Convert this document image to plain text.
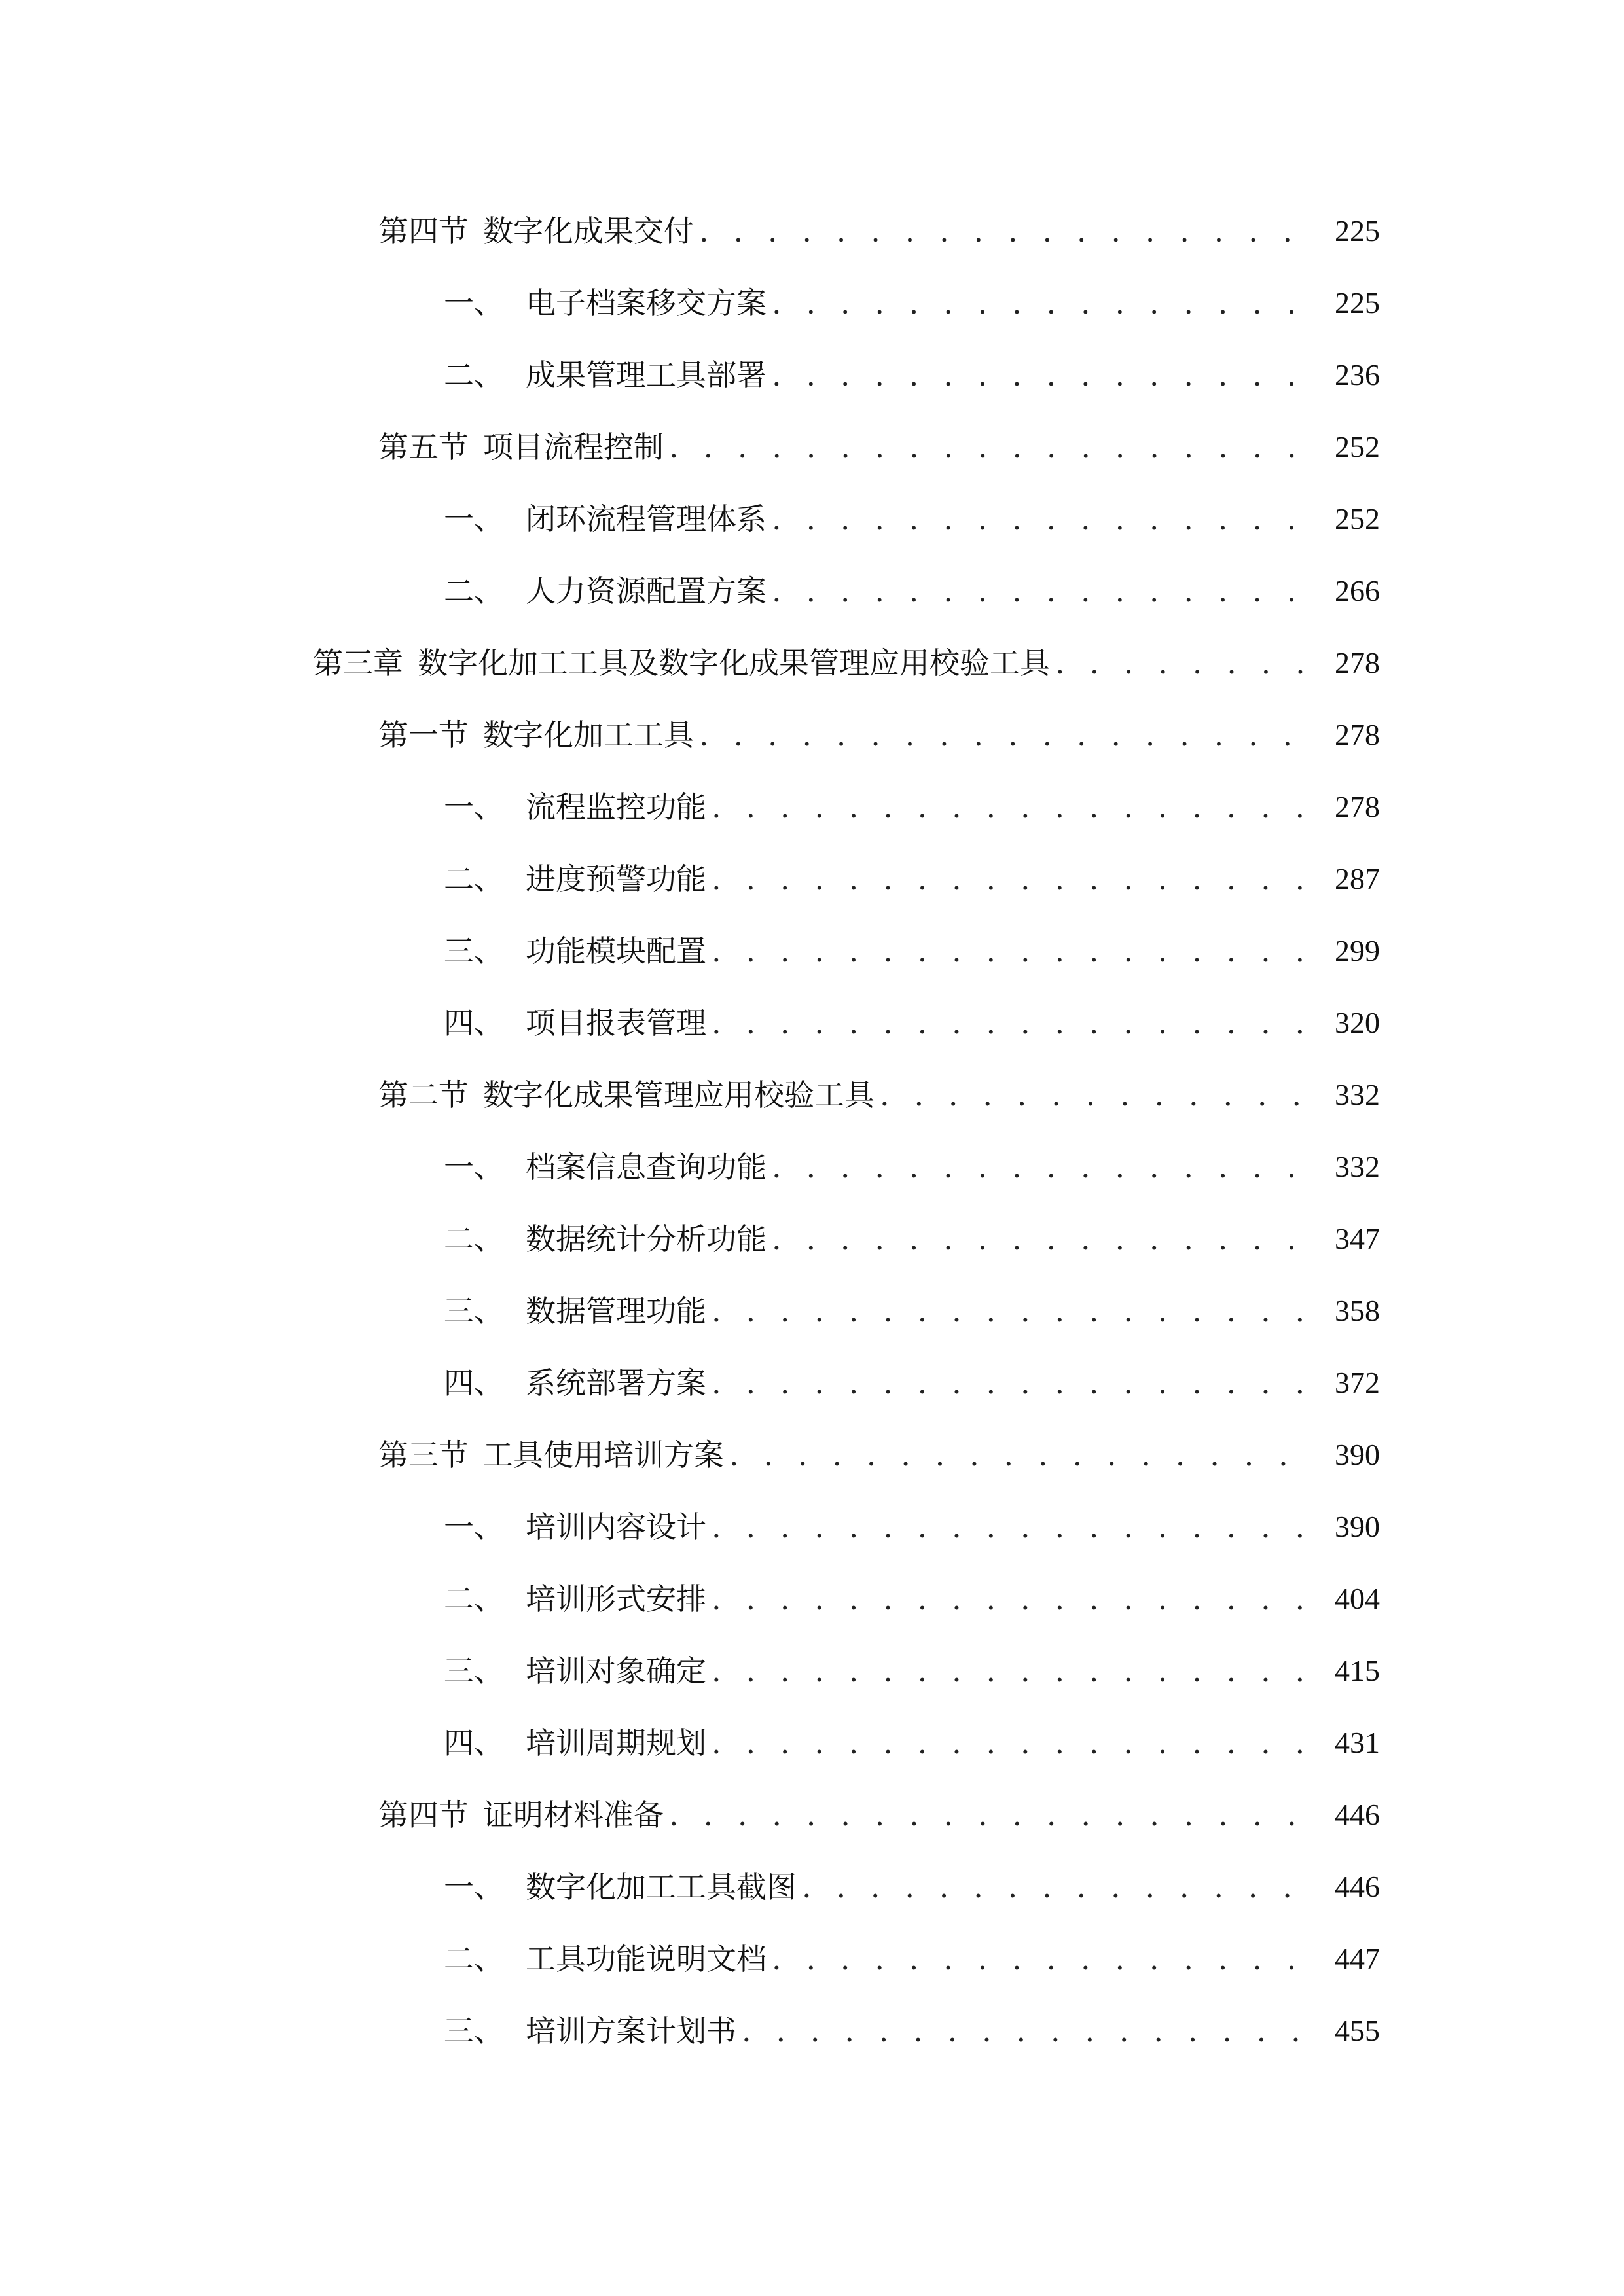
第四节 数字化成果交付 . . .	225
一、 电子档案移交方案 . . .	225
二、 成果管理工具部署 . . .	236
第五节 项目流程控制 . . .	252
一、 闭环流程管理体系 . . .	252
二、 人力资源配置方案 . . .	266
第三章 数字化加工工具及数字化成果管理应用校验工具 . . .	278
第一节 数字化加工工具 . . .	278
一、 流程监控功能 . . .	278
二、 进度预警功能 . . .	287
三、 功能模块配置 . . .	299
四、 项目报表管理 . . .	320
第二节 数字化成果管理应用校验工具 . . .	332
一、 档案信息查询功能 . . .	332
二、 数据统计分析功能 . . .	347
三、 数据管理功能 . . .	358
四、 系统部署方案 . . .	372
第三节 工具使用培训方案 . . .	390
一、 培训内容设计 . . .	390
二、 培训形式安排 . . .	404
三、 培训对象确定 . . .	415
四、 培训周期规划 . . .	431
第四节 证明材料准备 . . .	446
一、 数字化加工工具截图 . . .	446
二、 工具功能说明文档 . . .	447
三、 培训方案计划书 . . .	455
